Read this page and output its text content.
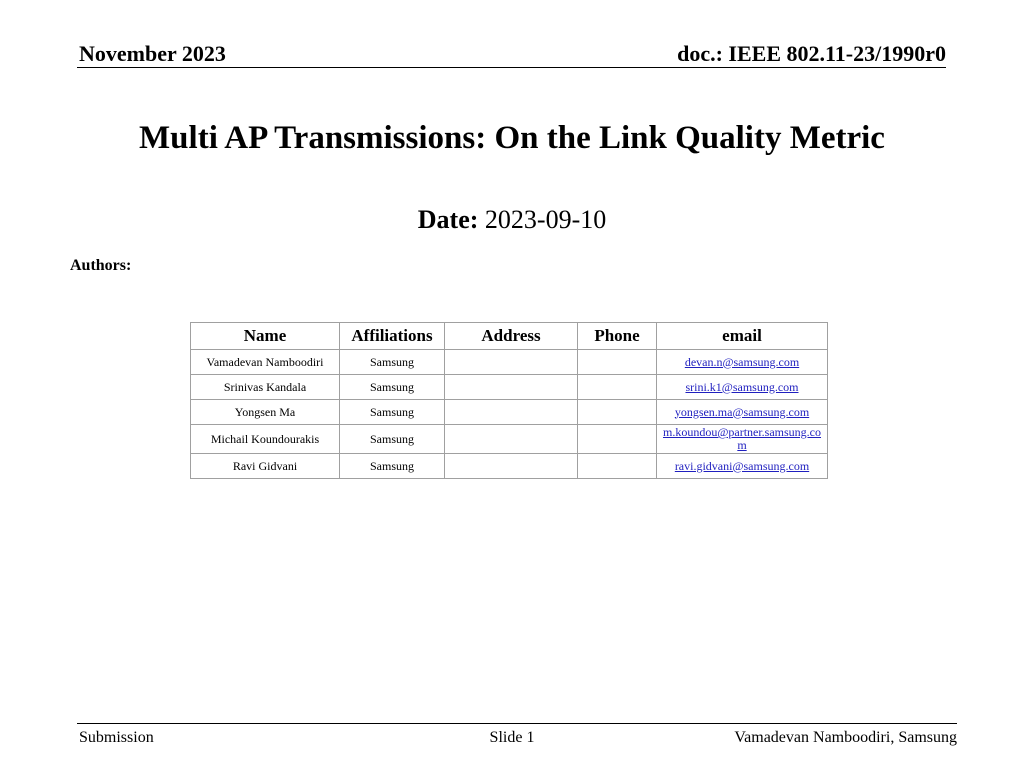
November 2023	doc.: IEEE 802.11-23/1990r0
Multi AP Transmissions: On the Link Quality Metric
Date: 2023-09-10
Authors:
Name	Affiliations	Address	Phone	email
Vamadevan Namboodiri	Samsung			devan.n@samsung.com
Srinivas Kandala	Samsung			srini.k1@samsung.com
Yongsen Ma	Samsung			yongsen.ma@samsung.com
Michail Koundourakis	Samsung			m.koundou@partner.samsung.com
Ravi Gidvani	Samsung			ravi.gidvani@samsung.com
Submission	Slide 1	Vamadevan Namboodiri, Samsung
